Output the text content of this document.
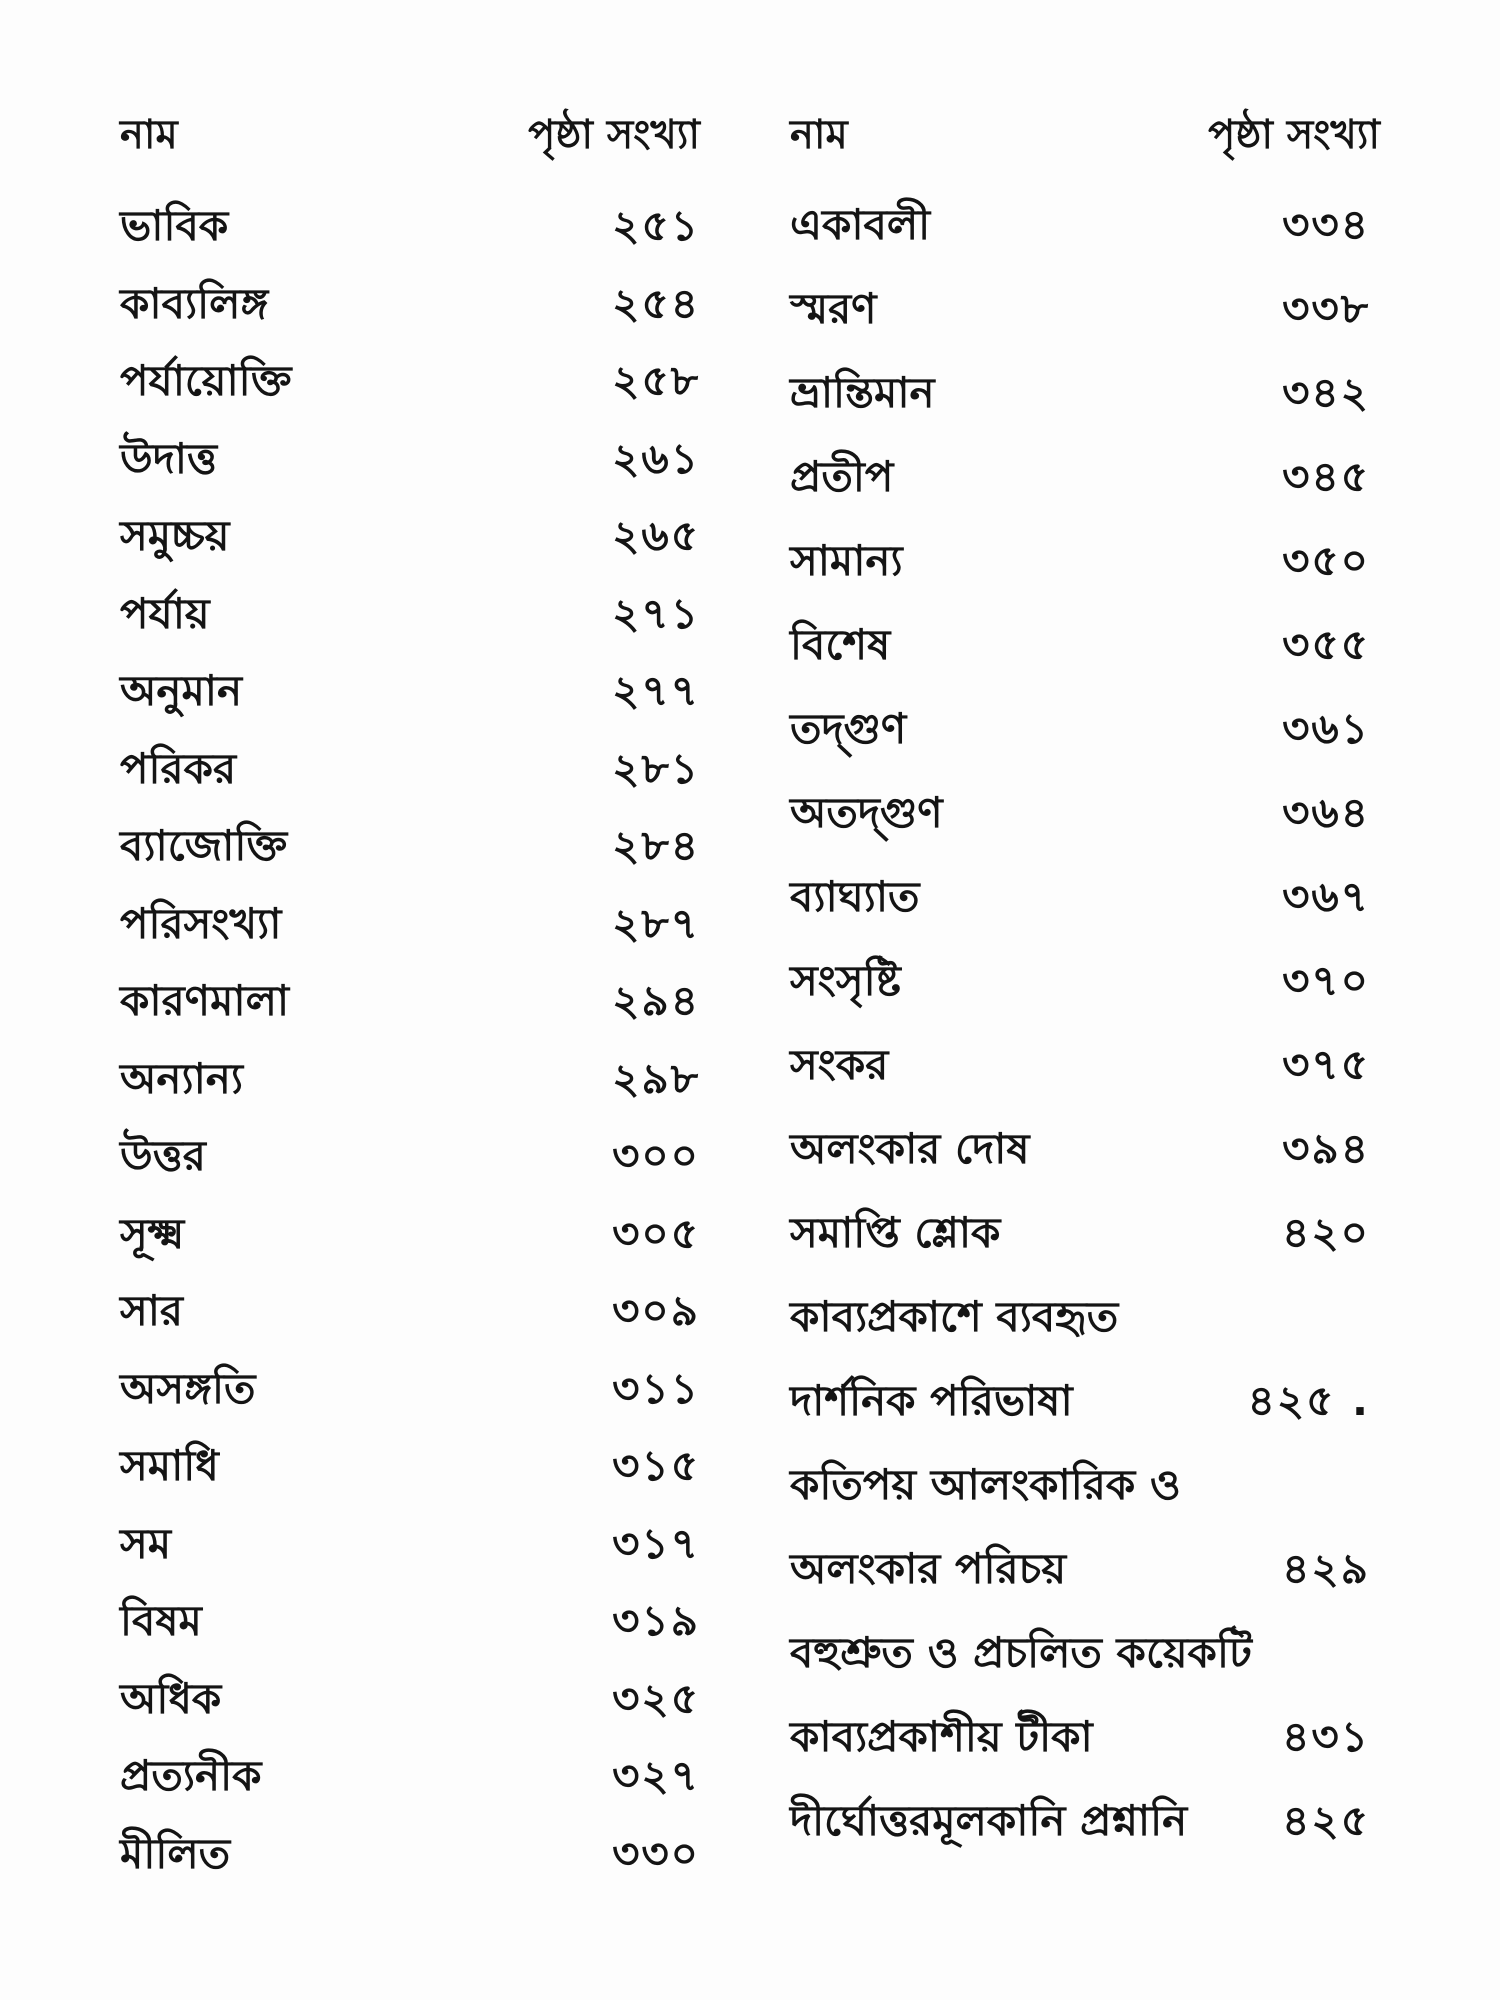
নাম	পৃষ্ঠা সংখ্যা
ভাবিক	২৫১
কাব্যলিঙ্গ	২৫৪
পর্যায়োক্তি	২৫৮
উদাত্ত	২৬১
সমুচ্চয়	২৬৫
পর্যায়	২৭১
অনুমান	২৭৭
পরিকর	২৮১
ব্যাজোক্তি	২৮৪
পরিসংখ্যা	২৮৭
কারণমালা	২৯৪
অন্যান্য	২৯৮
উত্তর	৩০০
সূক্ষ্ম	৩০৫
সার	৩০৯
অসঙ্গতি	৩১১
সমাধি	৩১৫
সম	৩১৭
বিষম	৩১৯
অধিক	৩২৫
প্রত্যনীক	৩২৭
মীলিত	৩৩০
নাম	পৃষ্ঠা সংখ্যা
একাবলী	৩৩৪
স্মরণ	৩৩৮
ভ্রান্তিমান	৩৪২
প্রতীপ	৩৪৫
সামান্য	৩৫০
বিশেষ	৩৫৫
তদ্গুণ	৩৬১
অতদ্গুণ	৩৬৪
ব্যাঘ্যাত	৩৬৭
সংসৃষ্টি	৩৭০
সংকর	৩৭৫
অলংকার দোষ	৩৯৪
সমাপ্তি শ্লোক	৪২০
কাব্যপ্রকাশে ব্যবহৃত
দার্শনিক পরিভাষা	৪২৫ .
কতিপয় আলংকারিক ও
অলংকার পরিচয়	৪২৯
বহুশ্রুত ও প্রচলিত কয়েকটি
কাব্যপ্রকাশীয় টীকা	৪৩১
দীর্ঘোত্তরমূলকানি প্রশ্নানি ৪২৫
